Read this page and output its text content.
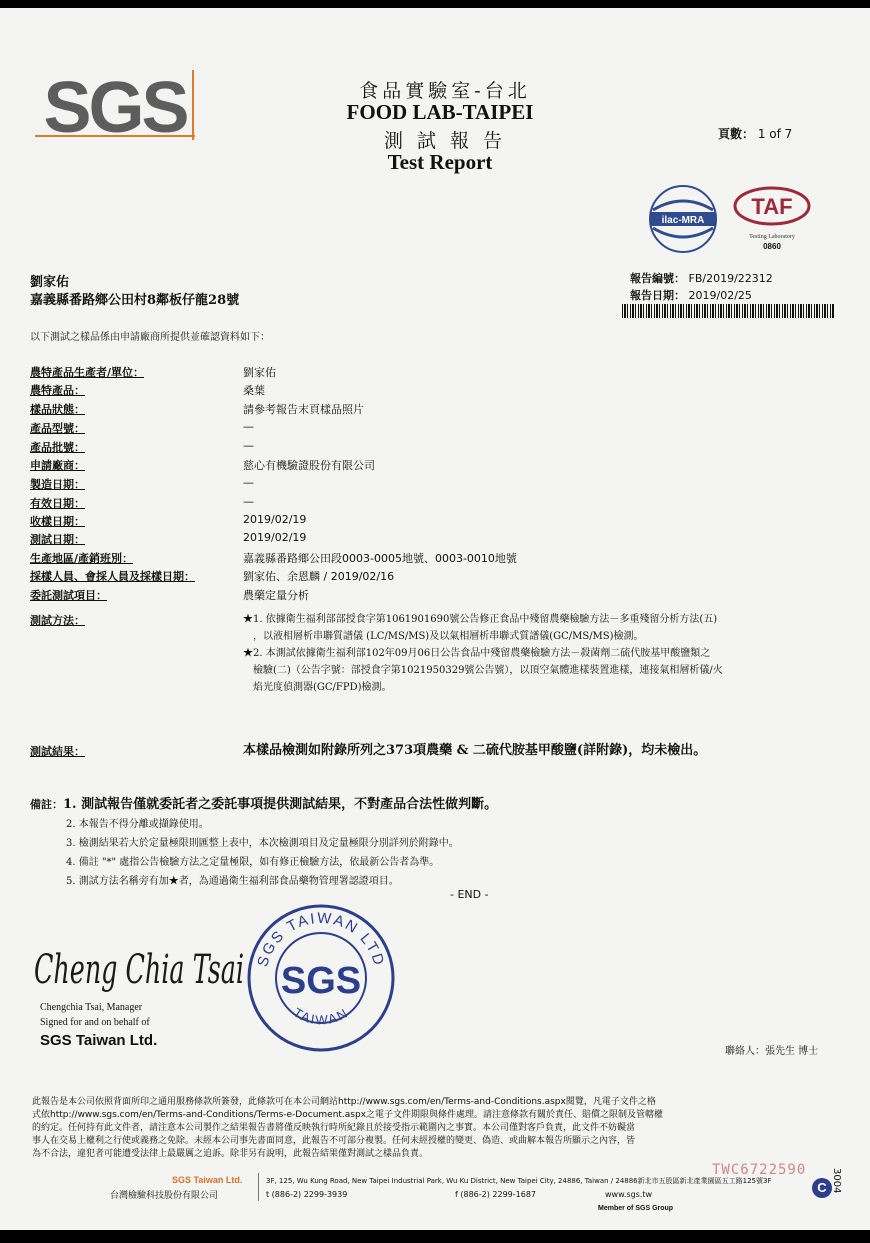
SGS	食品實驗室-台北
FOOD LAB-TAIPEI
測 試 報 告
Test Report
頁數： 1 of 7
ilac-MRA
TAF
Testing Laboratory
0860
劉家佑
嘉義縣番路鄉公田村8鄰板仔龍28號
報告編號： FB/2019/22312
報告日期： 2019/02/25
以下測試之樣品係由申請廠商所提供並確認資料如下：
農特產品生產者/單位：	劉家佑
農特產品：	桑葉
樣品狀態：	請參考報告末頁樣品照片
產品型號：	—
產品批號：	—
申請廠商：	慈心有機驗證股份有限公司
製造日期：	—
有效日期：	—
收樣日期：	2019/02/19
測試日期：	2019/02/19
生產地區/產銷班別：	嘉義縣番路鄉公田段0003-0005地號、0003-0010地號
採樣人員、會採人員及採樣日期：	劉家佑、余恩麟 / 2019/02/16
委託測試項目：	農藥定量分析
測試方法：	★1. 依據衛生福利部部授食字第1061901690號公告修正食品中殘留農藥檢驗方法－多重殘留分析方法(五)
，以液相層析串聯質譜儀 (LC/MS/MS)及以氣相層析串聯式質譜儀(GC/MS/MS)檢測。
★2. 本測試依據衛生福利部102年09月06日公告食品中殘留農藥檢驗方法－殺菌劑二硫代胺基甲酸鹽類之
檢驗(二)（公告字號：部授食字第1021950329號公告號），以頂空氣體進樣裝置進樣，連接氣相層析儀/火
焰光度偵測器(GC/FPD)檢測。
測試結果：	本樣品檢測如附錄所列之373項農藥 & 二硫代胺基甲酸鹽(詳附錄)，均未檢出。
備註：1. 測試報告僅就委託者之委託事項提供測試結果，不對產品合法性做判斷。
2. 本報告不得分離或擷錄使用。
3. 檢測結果若大於定量極限則匯整上表中，本次檢測項目及定量極限分別詳列於附錄中。
4. 備註 "*" 處指公告檢驗方法之定量極限，如有修正檢驗方法，依最新公告者為準。
5. 測試方法名稱旁有加★者，為通過衛生福利部食品藥物管理署認證項目。
- END -
Cheng Chia Tsai
Chengchia Tsai, Manager
Signed for and on behalf of
SGS Taiwan Ltd.
SGS TAIWAN LTD
TAIWAN
SGS
聯絡人：張先生 博士
此報告是本公司依照背面所印之通用服務條款所簽發，此條款可在本公司網站http://www.sgs.com/en/Terms-and-Conditions.aspx閱覽，凡電子文件之格
式依http://www.sgs.com/en/Terms-and-Conditions/Terms-e-Document.aspx之電子文件期限與條件處理。請注意條款有關於責任、賠償之限制及管轄權
的約定。任何持有此文件者，請注意本公司製作之結果報告書將僅反映執行時所紀錄且於接受指示範圍內之事實。本公司僅對客戶負責，此文件不妨礙當
事人在交易上權利之行使或義務之免除。未經本公司事先書面同意，此報告不可部分複製。任何未經授權的變更、偽造、或曲解本報告所顯示之內容，皆
為不合法，違犯者可能遭受法律上最嚴厲之追訴。除非另有說明，此報告結果僅對測試之樣品負責。
SGS Taiwan Ltd.
台灣檢驗科技股份有限公司
3F, 125, Wu Kung Road, New Taipei Industrial Park, Wu Ku District, New Taipei City, 24886, Taiwan / 24886新北市五股區新北產業園區五工路125號3F
t (886-2) 2299-3939	f (886-2) 2299-1687	www.sgs.tw
Member of SGS Group
TWC6722590
C 3004
